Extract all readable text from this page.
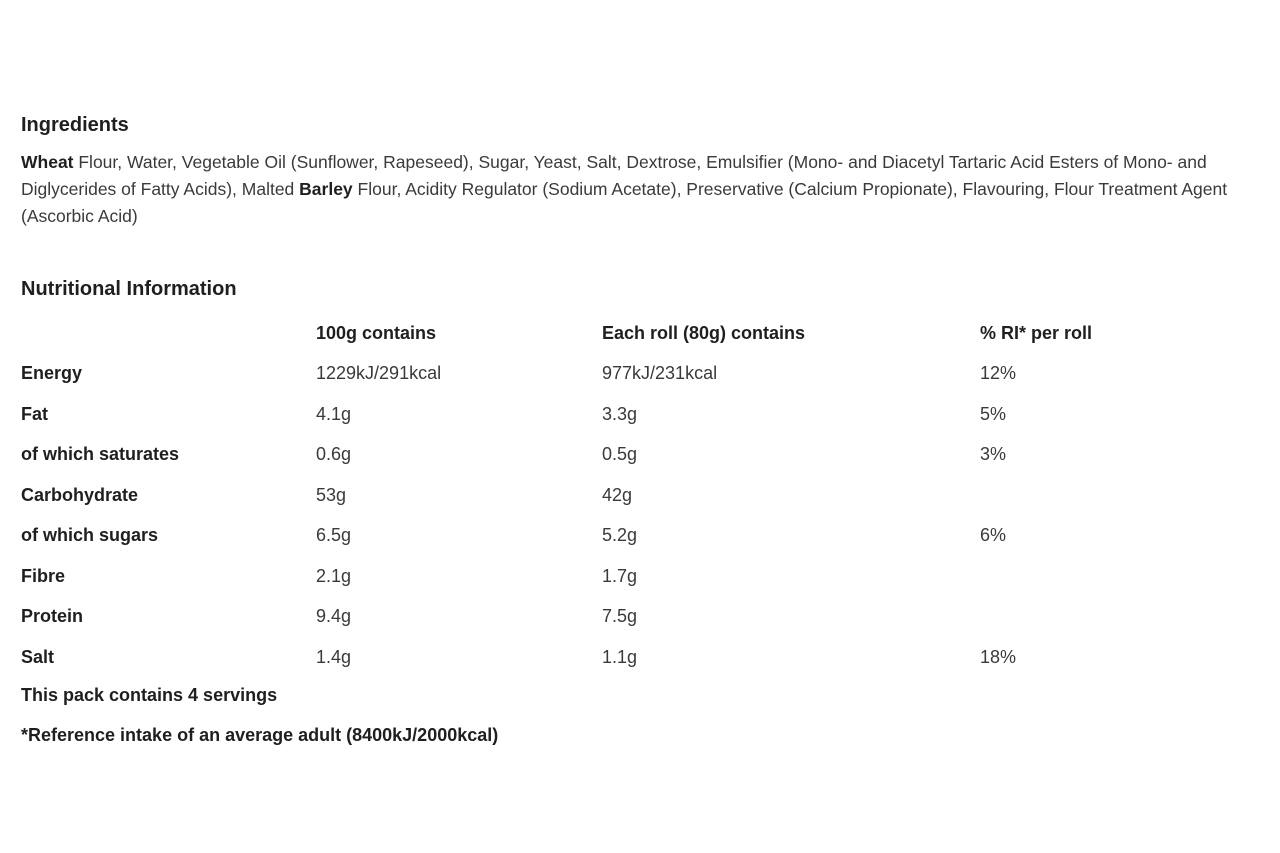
Ingredients

Wheat Flour, Water, Vegetable Oil (Sunflower, Rapeseed), Sugar, Yeast, Salt, Dextrose, Emulsifier (Mono- and Diacetyl Tartaric Acid Esters of Mono- and Diglycerides of Fatty Acids), Malted Barley Flour, Acidity Regulator (Sodium Acetate), Preservative (Calcium Propionate), Flavouring, Flour Treatment Agent (Ascorbic Acid)

Nutritional Information
	100g contains	Each roll (80g) contains	% RI* per roll
Energy	1229kJ/291kcal	977kJ/231kcal	12%
Fat	4.1g	3.3g	5%
of which saturates	0.6g	0.5g	3%
Carbohydrate	53g	42g	
of which sugars	6.5g	5.2g	6%
Fibre	2.1g	1.7g	
Protein	9.4g	7.5g	
Salt	1.4g	1.1g	18%

This pack contains 4 servings

*Reference intake of an average adult (8400kJ/2000kcal)
